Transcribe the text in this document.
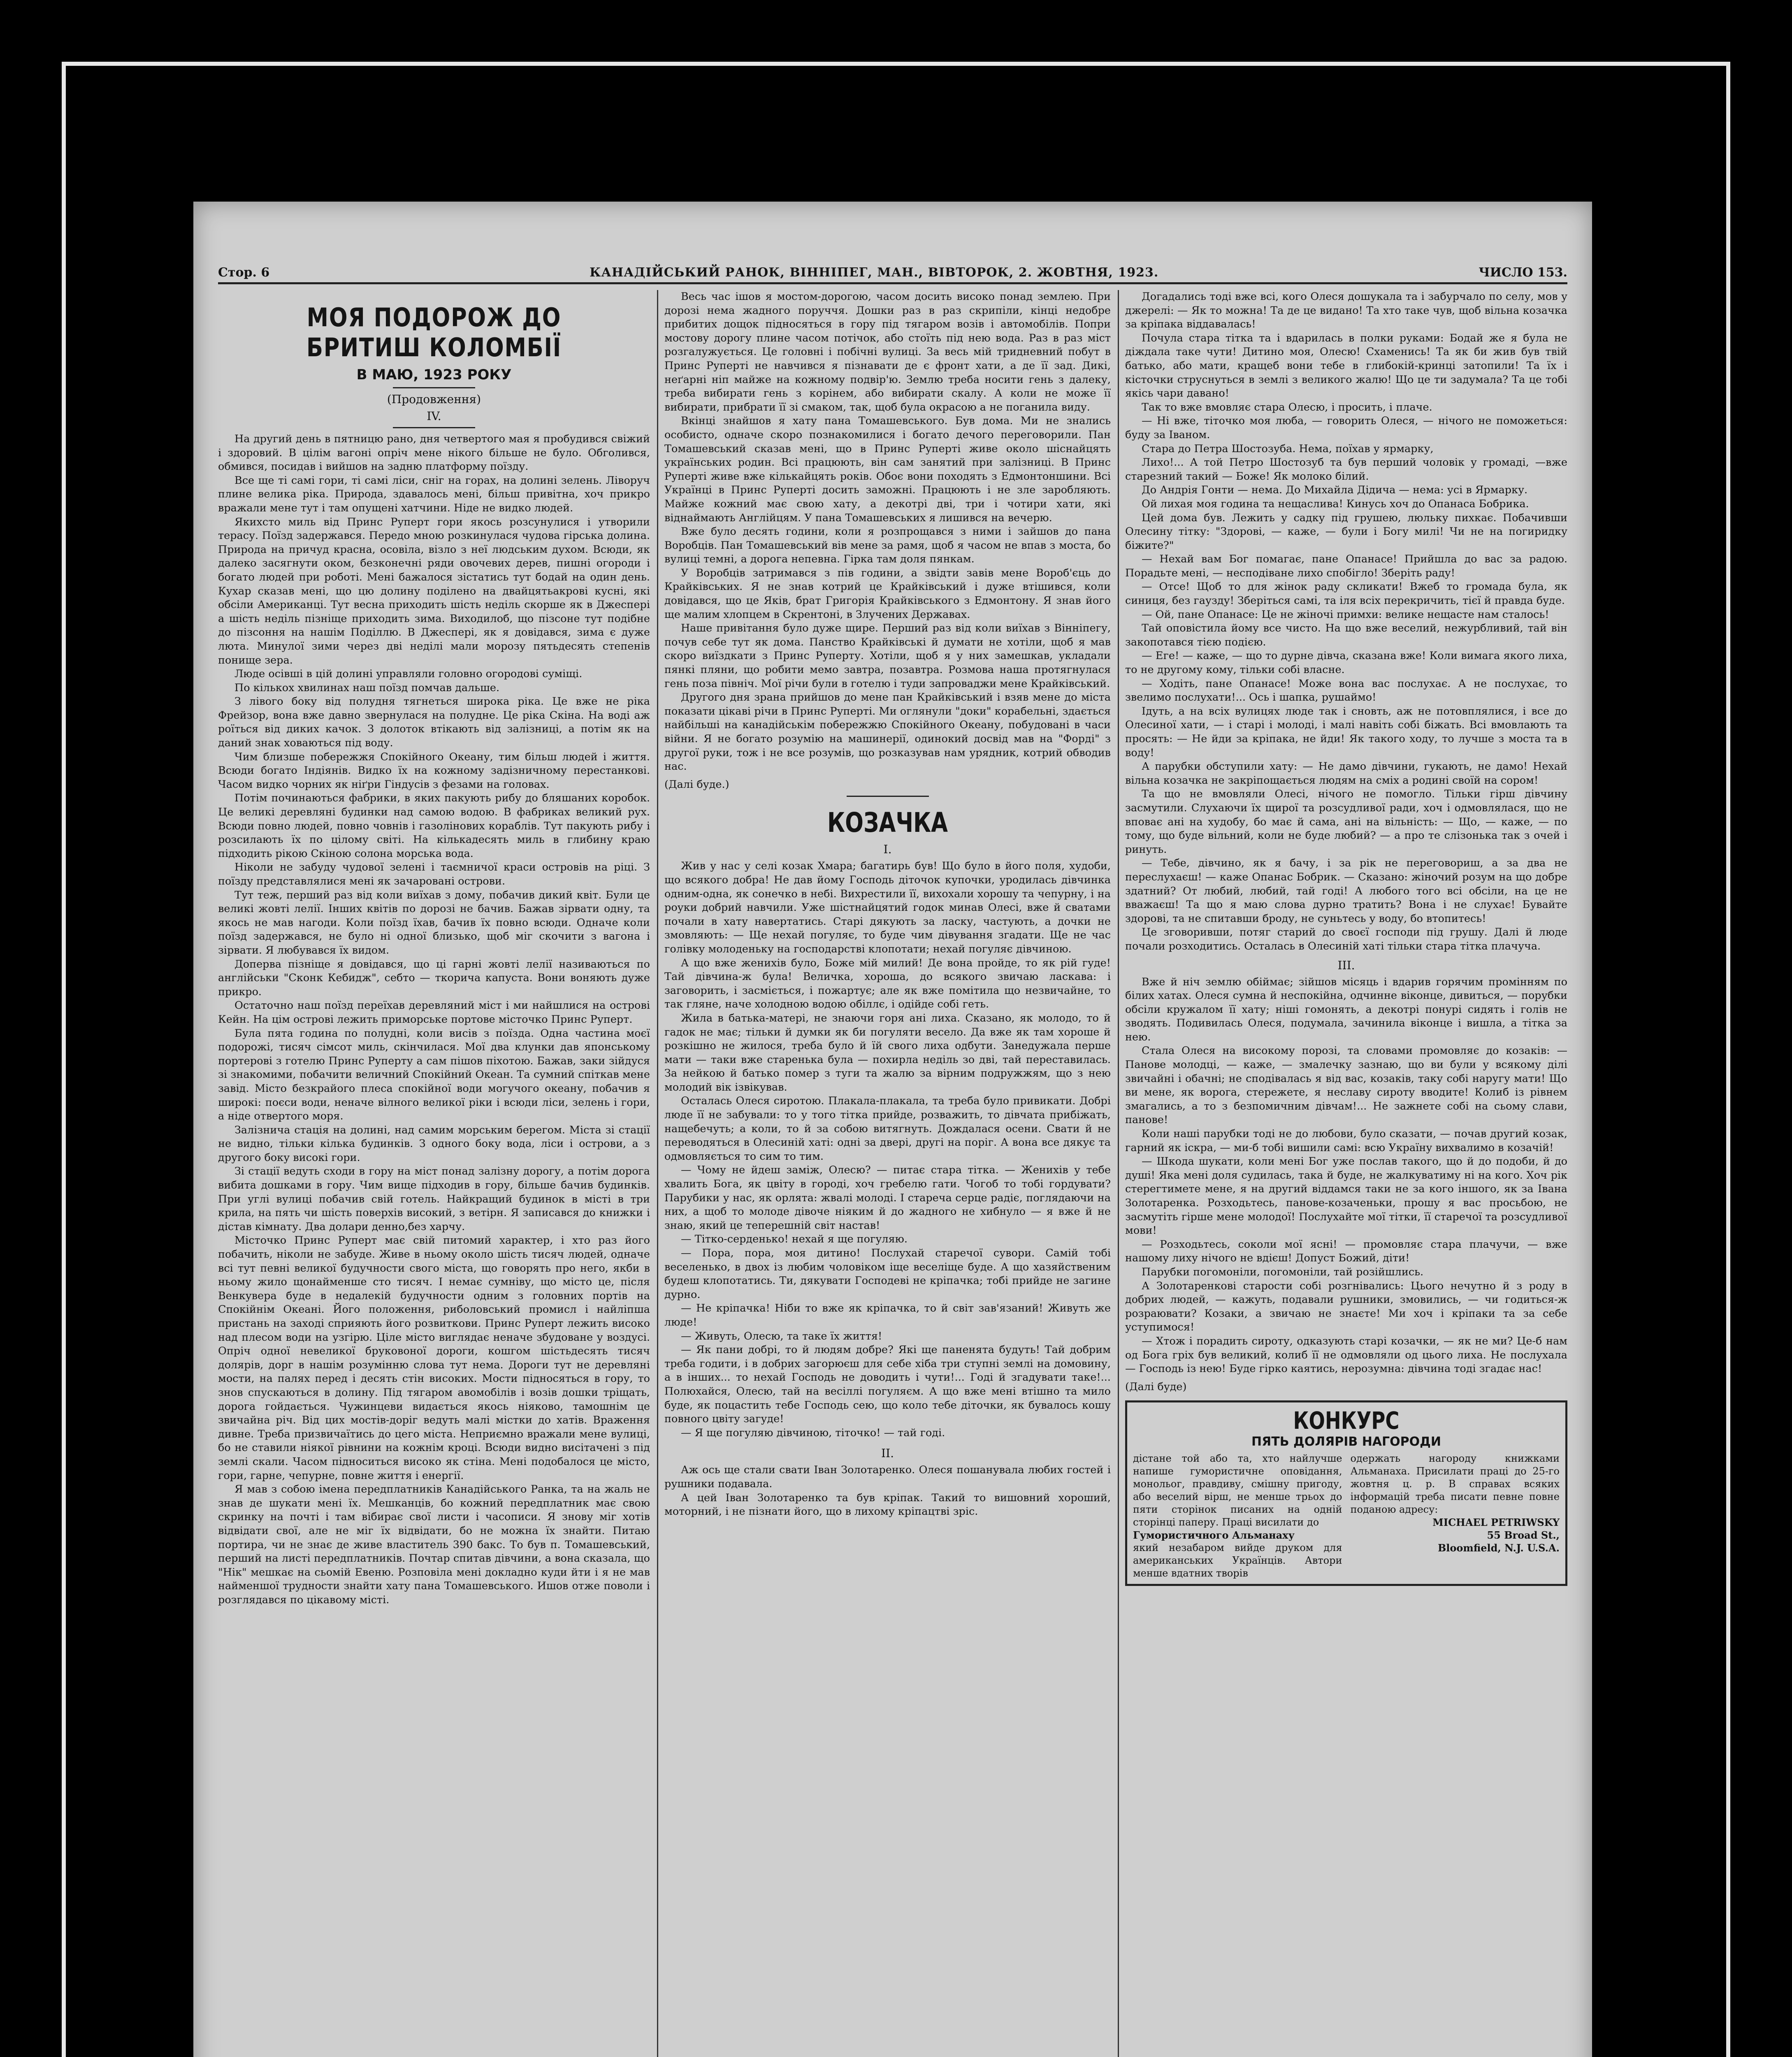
Стор. 6	КАНАДІЙСЬКИЙ РАНОК, ВІННІПЕГ, МАН., ВІВТОРОК, 2. ЖОВТНЯ, 1923.	ЧИСЛО 153.
МОЯ ПОДОРОЖ ДО БРИТИШ КОЛОМБІЇ
В МАЮ, 1923 РОКУ
(Продовження)
IV.

На другий день в пятницю рано, дня четвертого мая я пробудився свіжий і здоровий. В цілім вагоні опріч мене нікого більше не було. Обголився, обмився, посидав і вийшов на задню платформу поїзду.

Все ще ті самі гори, ті самі ліси, сніг на горах, на долині зелень. Ліворуч плине велика ріка. Природа, здавалось мені, більш привітна, хоч прикро вражали мене тут і там опущені хатчини. Ніде не видко людей.

Якихсто миль від Принс Руперт гори якось розсунулися і утворили терасу. Поїзд задержався. Передо мною розкинулася чудова гірська долина. Природа на причуд красна, осовіла, візло з неї людським духом. Всюди, як далеко засягнути оком, безконечні ряди овочевих дерев, пишні огороди і богато людей при роботі. Мені бажалося зістатись тут бодай на один день. Кухар сказав мені, що цю долину поділено на двайцятьакрові кусні, які обсіли Американці. Тут весна приходить шість неділь скорше як в Джеспері а шість неділь пізніще приходить зима. Виходилоб, що пізсоне тут подібне до пізсоння на нашім Поділлю. В Джеспері, як я довідався, зима є дуже люта. Минулої зими через дві неділі мали морозу пятьдесять степенів понище зера.

Люде осівші в цій долині управляли головно огородові суміщі.

По кількох хвилинах наш поїзд помчав дальше.

З лівого боку від полудня тягнеться широка ріка. Це вже не ріка Фрейзор, вона вже давно звернулася на полудне. Це ріка Скіна. На воді аж роїться від диких качок. З долоток втікають від залізниці, а потім як на даний знак ховаються під воду.

Чим близше побережжя Спокійного Океану, тим більш людей і життя. Всюди богато Індіянів. Видко їх на кожному задізничному перестанкові. Часом видко чорних як ніґри Гіндусів з фезами на головах.

Потім починаються фабрики, в яких пакують рибу до бляшаних коробок. Це великі деревляні будинки над самою водою. В фабриках великий рух. Всюди повно людей, повно човнів і газолінових кораблів. Тут пакують рибу і розсилають їх по цілому світі. На кількадесять миль в глибину краю підходить рікою Скіною солона морська вода.

Ніколи не забуду чудової зелені і таємничої краси островів на ріці. З поїзду представлялися мені як зачаровані острови.

Тут теж, перший раз від коли виїхав з дому, побачив дикий квіт. Були це великі жовті лелії. Інших квітів по дорозі не бачив. Бажав зірвати одну, та якось не мав нагоди. Коли поїзд їхав, бачив їх повно всюди. Одначе коли поїзд задержався, не було ні одної близько, щоб міг скочити з вагона і зірвати. Я любувався їх видом.

Доперва пізніще я довідався, що ці гарні жовті лелії називаються по англійськи "Сконк Кебидж", себто — ткорича капуста. Вони воняють дуже прикро.

Остаточно наш поїзд переїхав деревляний міст і ми найшлися на острові Кейн. На цім острові лежить приморське портове місточко Принс Руперт.

Була пята година по полудні, коли висів з поїзда. Одна частина моєї подорожі, тисяч сімсот миль, скінчилася. Мої два клунки дав японському портерові з готелю Принс Руперту а сам пішов піхотою. Бажав, заки зійдуся зі знакомими, побачити величний Спокійний Океан. Та сумний спіткав мене завід. Місто безкрайого плеса спокійної води могучого океану, побачив я широкі: поєси води, неначе вілного великої ріки і всюди ліси, зелень і гори, а ніде отвертого моря.

Залізнича стація на долині, над самим морським берегом. Міста зі стації не видно, тільки кілька будинків. З одного боку вода, ліси і острови, а з другого боку високі гори.

Зі стації ведуть сходи в гору на міст понад залізну дорогу, а потім дорога вибита дошками в гору. Чим вище підходив в гору, більше бачив будинків. При углі вулиці побачив свій готель. Найкращий будинок в місті в три крила, на пять чи шість поверхів високий, з ветірн. Я записався до книжки і дістав кімнату. Два долари денно,без харчу.

Місточко Принс Руперт має свій питомий характер, і хто раз його побачить, ніколи не забуде. Живе в ньому около шість тисяч людей, одначе всі тут певні великої будучности свого міста, що говорять про него, якби в ньому жило щонайменше сто тисяч. І немає сумніву, що місто це, після Венкувера буде в недалекій будучности одним з головних портів на Спокійнім Океані. Його положення, риболовський промисл і найліпша пристань на заході сприяють його розвиткови. Принс Руперт лежить високо над плесом води на узгірю. Ціле місто виглядає неначе збудоване у воздусі. Опріч одної невеликої бруковоної дороги, кошгом шістьдесять тисяч долярів, дорг в нашім розумінню слова тут нема. Дороги тут не деревляні мости, на палях перед і десять стін високих. Мости підносяться в гору, то знов спускаються в долину. Під тягаром авомобілів і возів дошки тріщать, дорога гойдається. Чужинцеви видається якось ніяково, тамошнім це звичайна річ. Від цих мостів-доріг ведуть малі містки до хатів. Враження дивне. Треба призвичаїтись до цего міста. Неприємно вражали мене вулиці, бо не ставили ніякої рівнини на кожнім кроці. Всюди видно висітачені з під землі скали. Часом підноситься високо як стіна. Мені подобалося це місто, гори, гарне, чепурне, повне життя і енергії.

Я мав з собою імена передплатників Канадійського Ранка, та на жаль не знав де шукати мені їх. Мешканців, бо кожний передплатник має свою скринку на почті і там вібирає свої листи і часописи. Я знову міг хотів відвідати свої, але не міг їх відвідати, бо не можна їх знайти. Питаю портира, чи не знає де живе властитель 390 бакс. То був п. Томашевський, перший на листі передплатників. Почтар спитав дівчини, а вона сказала, що "Нік" мешкає на сьомій Евеню. Розповіла мені докладно куди йти і я не мав найменшої трудности знайти хату пана Томашевського. Ишов отже поволи і розглядався по цікавому місті.

Весь час ішов я мостом-дорогою, часом досить високо понад землею. При дорозі нема жадного поруччя. Дошки раз в раз скрипіли, кінці недобре прибитих дощок підносяться в гору під тягаром возів і автомобілів. Попри мостову дорогу плине часом потічок, або стоїть під нею вода. Раз в раз міст розгалужується. Це головні і побічні вулиці. За весь мій тридневний побут в Принс Руперті не навчився я пізнавати де є фронт хати, а де її зад. Дикі, неґарні ніп майже на кожному подвір'ю. Землю треба носити гень з далеку, треба вибирати гень з корінем, або вибирати скалу. А коли не може її вибирати, прибрати її зі смаком, так, щоб була окрасою а не поганила виду.

Вкінці знайшов я хату пана Томашевського. Був дома. Ми не знались особисто, одначе скоро познакомилися і богато дечого переговорили. Пан Томашевський сказав мені, що в Принс Руперті живе около шіснайцять українських родин. Всі працюють, він сам занятий при залізниці. В Принс Руперті живе вже кількайцять років. Обоє вони походять з Едмонтоншини. Всі Українці в Принс Руперті досить заможні. Працюють і не зле заробляють. Майже кожний має свою хату, а декотрі дві, три і чотири хати, які віднаймають Англійцям. У пана Томашевських я лишився на вечерю.

Вже було десять години, коли я розпрощався з ними і зайшов до пана Воробців. Пан Томашевський вів мене за рамя, щоб я часом не впав з моста, бо вулиці темні, а дорога непевна. Гірка там доля пянкам.

У Воробців затримався з пів години, а звідти завів мене Вороб'єць до Крайківських. Я не знав котрий це Крайківський і дуже втішився, коли довідався, що це Яків, брат Григорія Крайківського з Едмонтону. Я знав його ще малим хлопцем в Скрентоні, в Злучених Державах.

Наше привітання було дуже щире. Перший раз від коли виїхав з Вінніпегу, почув себе тут як дома. Панство Крайківські й думати не хотіли, щоб я мав скоро виїздкати з Принс Руперту. Хотіли, щоб я у них замешкав, укладали пянкі пляни, що робити мемо завтра, позавтра. Розмова наша протягнулася гень поза північ. Мої річи були в готелю і туди запроваджи мене Крайківський.

Другого дня зрана прийшов до мене пан Крайківський і взяв мене до міста показати цікаві річи в Принс Руперті. Ми оглянули "доки" корабельні, здається найбільші на канадійськім побережжю Спокійного Океану, побудовані в часи війни. Я не богато розумію на машинерії, одинокий досвід мав на "Форді" з другої руки, тож і не все розумів, що розказував нам урядник, котрий обводив нас.

(Далі буде.)

КОЗАЧКА
I.

Жив у нас у селі козак Хмара; багатирь був! Що було в його поля, худоби, що всякого добра! Не дав йому Господь діточок купочки, уродилась дівчинка одним-одна, як сонечко в небі. Вихрестили її, вихохали хорошу та чепурну, і на роуки добрий навчили. Уже шістнайцятий годок минав Олесі, вже й сватами почали в хату навертатись. Старі дякують за ласку, частують, а дочки не змовляють: — Ще нехай погуляє, то буде чим дівування згадати. Ще не час голівку молоденьку на господарстві клопотати; нехай погуляє дівчиною.

А що вже женихів було, Боже мій милий! Де вона пройде, то як рій гуде! Тай дівчина-ж була! Величка, хороша, до всякого звичаю ласкава: і заговорить, і засміється, і пожартує; але як вже помітила що незвичайне, то так гляне, наче холодною водою обіллє, і одійде собі геть.

Жила в батька-матері, не знаючи горя ані лиха. Сказано, як молодо, то й гадок не має; тільки й думки як би погуляти весело. Да вже як там хороше й розкішно не жилося, треба було й їй свого лиха одбути. Занедужала перше мати — таки вже старенька була — похирла неділь зо дві, тай переставилась. За нейкою й батько помер з туги та жалю за вірним подружжям, що з нею молодий вік ізвікував.

Осталась Олеся сиротою. Плакала-плакала, та треба було привикати. Добрі люде її не забували: то у того тітка прийде, розважить, то дівчата прибіжать, нащебечуть; а коли, то й за собою витягнуть. Дождалася осени. Свати й не переводяться в Олесиній хаті: одні за двері, другі на поріг. А вона все дякує та одмовляється то сим то тим.

— Чому не йдеш заміж, Олесю? — питає стара тітка. — Женихів у тебе хвалить Бога, як цвіту в городі, хоч гребелю гати. Чогоб то тобі гордувати? Парубики у нас, як орлята: жвалі молоді. І стареча серце радіє, поглядаючи на них, а щоб то молоде дівоче ніяким й до жадного не хибнуло — я вже й не знаю, який це теперешній світ настав!

— Тітко-серденько! нехай я ще погуляю.

— Пора, пора, моя дитино! Послухай старечої сувори. Самій тобі веселенько, в двох із любим чоловіком іще веселіще буде. А що хазяйственим будеш клопотатись. Ти, дякувати Господеві не кріпачка; тобі прийде не загине дурно.

— Не кріпачка! Ніби то вже як кріпачка, то й світ зав'язаний! Живуть же люде!

— Живуть, Олесю, та таке їх життя!

— Як пани добрі, то й людям добре? Які ще паненята будуть! Тай добрим треба годити, і в добрих загорюєш для себе хіба три ступні землі на домовину, а в інших... то нехай Господь не доводить і чути!... Годі й згадувати таке!... Полюхайся, Олесю, тай на весіллі погуляєм. А що вже мені втішно та мило буде, як поцастить тебе Господь сею, що коло тебе діточки, як бувалось кошу повного цвіту загуде!

— Я ще погуляю дівчиною, тіточко! — тай годі.

II.

Аж ось ще стали свати Іван Золотаренко. Олеся пошанувала любих гостей і рушники подавала.

А цей Іван Золотаренко та був кріпак. Такий то вишовний хороший, моторний, і не пізнати його, що в лихому кріпацтві зріс.

Догадались тоді вже всі, кого Олеся дошукала та і забурчало по селу, мов у джерелі: — Як то можна! Та де це видано! Та хто таке чув, щоб вільна козачка за кріпака віддавалась!

Почула стара тітка та і вдарилась в полки руками: Бодай же я була не діждала таке чути! Дитино моя, Олесю! Схаменись! Та як би жив був твій батько, або мати, кращеб вони тебе в глибокій-кринці затопили! Та їх і кісточки струснуться в землі з великого жалю! Що це ти задумала? Та це тобі якісь чари давано!

Так то вже вмовляє стара Олесю, і просить, і плаче.

— Ні вже, тіточко моя люба, — говорить Олеся, — нічого не поможеться: буду за Іваном.

Стара до Петра Шостозуба. Нема, поїхав у ярмарку,

Лихо!... А той Петро Шостозуб та був перший чоловік у громаді, —вже старезний такий — Боже! Як молоко білий.

До Андрія Гонти — нема. До Михайла Дідича — нема: усі в Ярмарку.

Ой лихая моя година та нещаслива! Кинусь хоч до Опанаса Бобрика.

Цей дома був. Лежить у садку під грушею, люльку пихкає. Побачивши Олесину тітку: "Здорові, — каже, — були і Богу милі! Чи не на погиридку біжите?"

— Нехай вам Бог помагає, пане Опанасе! Прийшла до вас за радою. Порадьте мені, — несподіване лихо спобігло! Зберіть раду!

— Отсе! Щоб то для жінок раду скликати! Вжеб то громада була, як синиця, без гаузду! Зберіться самі, та іля всіх перекричить, тієї й правда буде.

— Ой, пане Опанасе: Це не жіночі примхи: велике нещасте нам сталось!

Тай оповістила йому все чисто. На що вже веселий, нежурбливий, тай він закопотався тією подією.

— Еге! — каже, — що то дурне дівча, сказана вже! Коли вимага якого лиха, то не другому кому, тільки собі власне.

— Ходіть, пане Опанасе! Може вона вас послухає. А не послухає, то звелимо послухати!... Ось і шапка, рушаймо!

Ідуть, а на всіх вулицях люде так і сновть, аж не потовплялися, і все до Олесиної хати, — і старі і молоді, і малі навіть собі біжать. Всі вмовлають та просять: — Не йди за кріпака, не йди! Як такого ходу, то лучше з моста та в воду!

А парубки обступили хату: — Не дамо дівчини, гукають, не дамо! Нехай вільна козачка не закріпощається людям на сміх а родині своїй на сором!

Та що не вмовляли Олесі, нічого не помогло. Тільки гірш дівчину засмутили. Слухаючи їх щирої та розсудливої ради, хоч і одмовлялася, що не вповає ані на худобу, бо має й сама, ані на вільність: — Що, — каже, — по тому, що буде вільний, коли не буде любий? — а про те слізонька так з очей і ринуть.

— Тебе, дівчино, як я бачу, і за рік не переговориш, а за два не переслухаєш! — каже Опанас Бобрик. — Сказано: жіночий розум на що добре здатний? От любий, любий, тай годі! А любого того всі обсіли, на це не вважаєш! Та що я маю слова дурно тратить? Вона і не слухає! Бувайте здорові, та не спитавши броду, не суньтесь у воду, бо втопитесь!

Це зговоривши, потяг старий до своєї господи під грушу. Далі й люде почали розходитись. Осталась в Олесиній хаті тільки стара тітка плачуча.

III.

Вже й ніч землю обіймає; зійшов місяць і вдарив горячим промінням по білих хатах. Олеся сумна й неспокійна, одчинне віконце, дивиться, — порубки обсіли кружалом її хату; ніші гомонять, а декотрі понурі сидять і голів не зводять. Подивилась Олеся, подумала, зачинила віконце і вишла, а тітка за нею.

Стала Олеся на високому порозі, та словами промовляє до козаків: — Панове молодці, — каже, — змалечку зазнаю, що ви були у всякому ділі звичайні і обачні; не сподівалась я від вас, козаків, таку собі наругу мати! Що ви мене, як ворога, стережете, я неславу сироту вводите! Колиб із рівнем змагались, а то з безпомичним дівчам!... Не зажнете собі на сьому слави, панове!

Коли наші парубки тоді не до любови, було сказати, — почав другий козак, гарний як іскра, — ми-б тобі вишили самі: всю Україну вихвалимо в козачій!

— Шкода шукати, коли мені Бог уже послав такого, що й до подоби, й до душі! Яка мені доля судилась, така й буде, не жалкуватиму ні на кого. Хоч рік стерегтимете мене, я на другий віддамся таки не за кого іншого, як за Івана Золотаренка. Розходьтесь, панове-козаченьки, прошу я вас просьбою, не засмутіть гірше мене молодої! Послухайте мої тітки, її старечої та розсудливої мови!

— Розходьтесь, соколи мої ясні! — промовляє стара плачучи, — вже нашому лиху нічого не вдієш! Допуст Божий, діти!

Парубки погомоніли, погомоніли, тай розійшлись.

А Золотаренкові старости собі розгнівались: Цього нечутно й з роду в добрих людей, — кажуть, подавали рушники, змовились, — чи годиться-ж розраювати? Козаки, а звичаю не знаєте! Ми хоч і кріпаки та за себе уступимося!

— Хтож і порадить сироту, одказують старі козачки, — як не ми? Це-б нам од Бога гріх був великий, колиб її не одмовляли од цього лиха. Не послухала — Господь із нею! Буде гірко каятись, нерозумна: дівчина тоді згадає нас!

(Далі буде)

КОНКУРС
ПЯТЬ ДОЛЯРІВ НАГОРОДИ

дістане той або та, хто найлучше напише гумористичне оповідання, монольог, правдиву, смішну пригоду, або веселий вірш, не менше трьох до пяти сторінок писаних на одній сторінці паперу. Праці висилати до

Гумористичного Альманаху

який незабаром вийде друком для американських Українців. Автори менше вдатних творів

одержать нагороду книжками Альманаха. Присилати праці до 25-го жовтня ц. р. В справах всяких інформацій треба писати певне повне поданою адресу:

MICHAEL PETRIWSKY
55 Broad St.,
Bloomfield, N.J. U.S.A.
